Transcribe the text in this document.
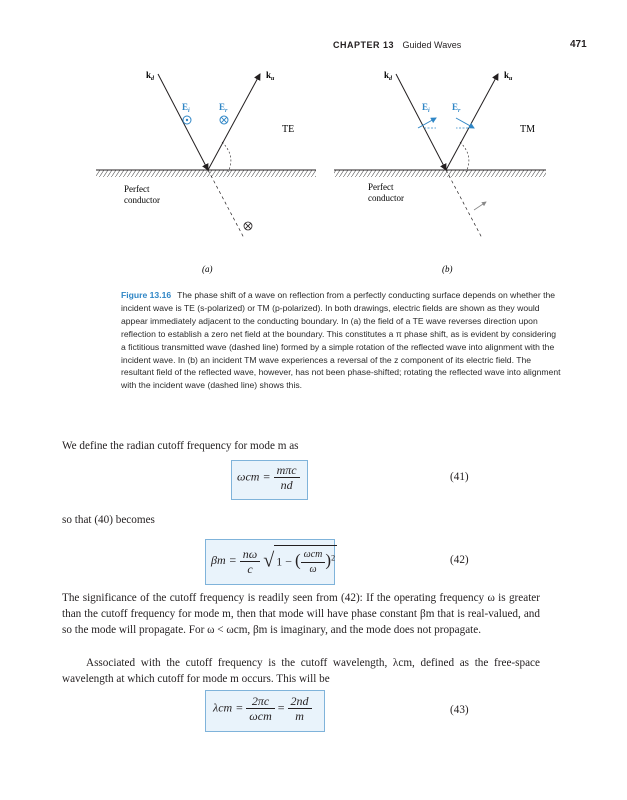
CHAPTER 13 Guided Waves	471
$k_d$	$k_u$
$E_i$	$E_r$
TE
Perfect
conductor
(a)
$k_d$	$k_u$
$E_i$ $E_r$
TM
Perfect
conductor
(b)
Figure 13.16 The phase shift of a wave on reflection from a perfectly conducting surface depends on whether the incident wave is TE (s-polarized) or TM (p-polarized). In both drawings, electric fields are shown as they would appear immediately adjacent to the conducting boundary. In (a) the field of a TE wave reverses direction upon reflection to establish a zero net field at the boundary. This constitutes a π phase shift, as is evident by considering a fictitious transmitted wave (dashed line) formed by a simple rotation of the reflected wave into alignment with the incident wave. In (b) an incident TM wave experiences a reversal of the z component of its electric field. The resultant field of the reflected wave, however, has not been phase-shifted; rotating the reflected wave into alignment with the incident wave (dashed line) shows this.
We define the radian cutoff frequency for mode m as
$\omega cm = \frac{\text{mπc}}{nd}$	(41)
so that (40) becomes
$\beta m = \frac{n\omega}{c}$ √ 1 − ( $\frac{\text{ωcm}}{\omega} )^2$	(42)
The significance of the cutoff frequency is readily seen from (42): If the operating frequency ω is greater than the cutoff frequency for mode m, then that mode will have phase constant βm that is real-valued, and so the mode will propagate. For ω < ωcm, βm is imaginary, and the mode does not propagate.
Associated with the cutoff frequency is the cutoff wavelength, λcm, defined as the free-space wavelength at which cutoff for mode m occurs. This will be
$\lambda cm = \frac{2\pi c}{\text{ωcm}} = \frac{2nd}{m}$	(43)
